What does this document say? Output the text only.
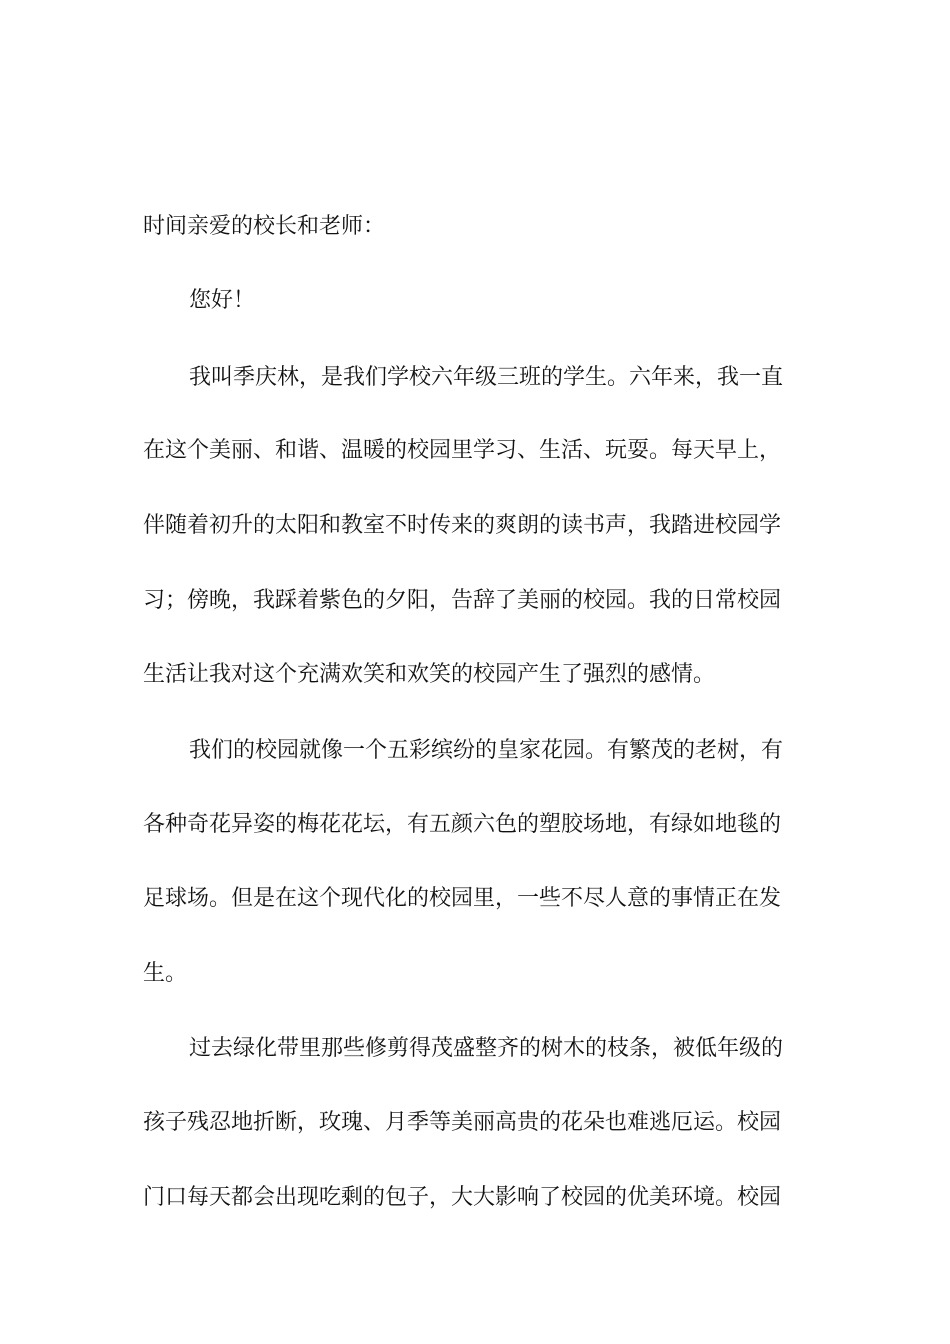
时间亲爱的校长和老师：
您好！
我叫季庆林，是我们学校六年级三班的学生。六年来，我一直
在这个美丽、和谐、温暖的校园里学习、生活、玩耍。每天早上，
伴随着初升的太阳和教室不时传来的爽朗的读书声，我踏进校园学
习；傍晚，我踩着紫色的夕阳，告辞了美丽的校园。我的日常校园
生活让我对这个充满欢笑和欢笑的校园产生了强烈的感情。
我们的校园就像一个五彩缤纷的皇家花园。有繁茂的老树，有
各种奇花异姿的梅花花坛，有五颜六色的塑胶场地，有绿如地毯的
足球场。但是在这个现代化的校园里，一些不尽人意的事情正在发
生。
过去绿化带里那些修剪得茂盛整齐的树木的枝条，被低年级的
孩子残忍地折断，玫瑰、月季等美丽高贵的花朵也难逃厄运。校园
门口每天都会出现吃剩的包子，大大影响了校园的优美环境。校园
